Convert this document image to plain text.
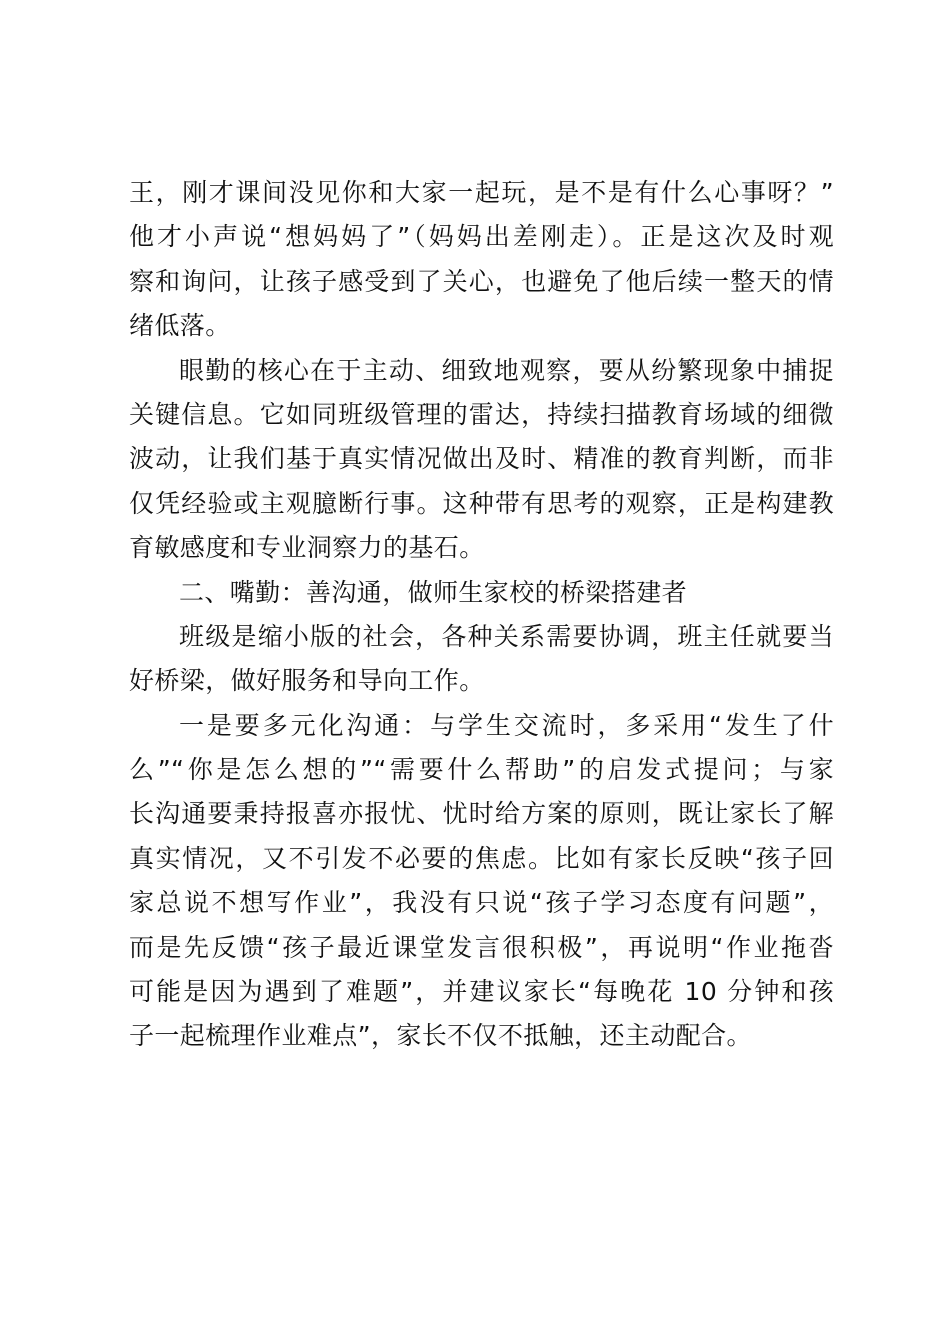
王，刚才课间没见你和大家一起玩，是不是有什么心事呀？”
他才小声说“想妈妈了”（妈妈出差刚走）。正是这次及时观
察和询问，让孩子感受到了关心，也避免了他后续一整天的情
绪低落。
眼勤的核心在于主动、细致地观察，要从纷繁现象中捕捉
关键信息。它如同班级管理的雷达，持续扫描教育场域的细微
波动，让我们基于真实情况做出及时、精准的教育判断，而非
仅凭经验或主观臆断行事。这种带有思考的观察，正是构建教
育敏感度和专业洞察力的基石。
二、嘴勤：善沟通，做师生家校的桥梁搭建者
班级是缩小版的社会，各种关系需要协调，班主任就要当
好桥梁，做好服务和导向工作。
一是要多元化沟通：与学生交流时，多采用“发生了什
么”“你是怎么想的”“需要什么帮助”的启发式提问；与家
长沟通要秉持报喜亦报忧、忧时给方案的原则，既让家长了解
真实情况，又不引发不必要的焦虑。比如有家长反映“孩子回
家总说不想写作业”，我没有只说“孩子学习态度有问题”，
而是先反馈“孩子最近课堂发言很积极”，再说明“作业拖沓
可能是因为遇到了难题”，并建议家长“每晚花 10 分钟和孩
子一起梳理作业难点”，家长不仅不抵触，还主动配合。
